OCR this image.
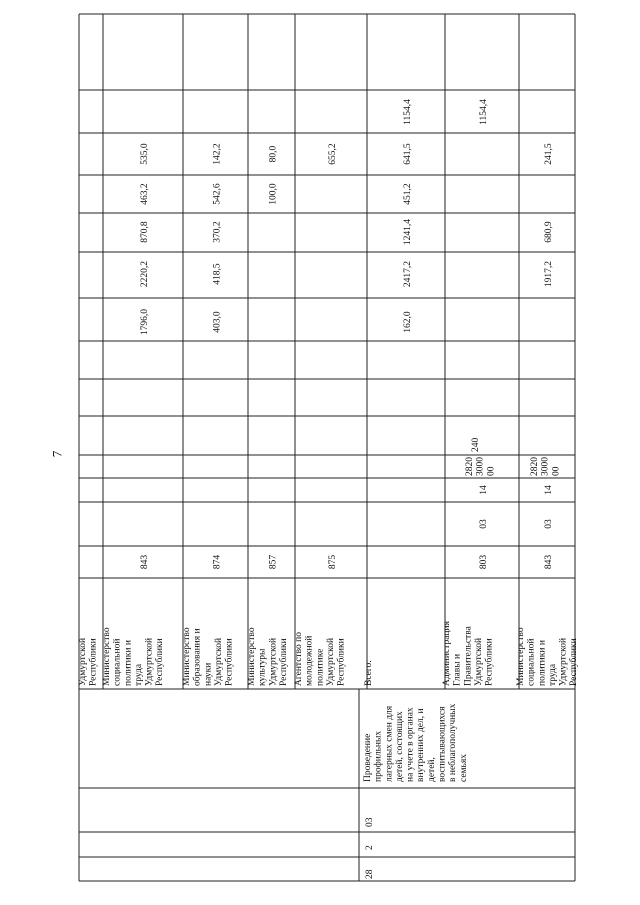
7
28
2
03
Проведениепрофильныхлагерных смен длядетей, состоящихна учете в органахвнутренних дел, идетей,воспитывающихсяв неблагополучныхсемьях
УдмуртскойРеспублики Министерствосоциальнойполитики итрудаУдмуртскойРеспублики
843
1796,0
2220,2
870,8
463,2
535,0
Министерствообразования инаукиУдмуртскойРеспублики
874
403,0
418,5
370,2
542,6
142,2
МинистерствокультурыУдмуртскойРеспублики
857
100,0
80,0
Агентство помолодежнойполитикеУдмуртскойРеспублики
875
655,2
Всего:
162,0
2417,2
1241,4
451,2
641,5
1154,4
АдминистрацияГлавы иПравительстваУдмуртскойРеспублики
803
03
14
2820300000
240
1154,4
Министерствосоциальнойполитики итрудаУдмуртскойРеспублики
843
03
14
2820300000
1917,2
680,9
241,5
